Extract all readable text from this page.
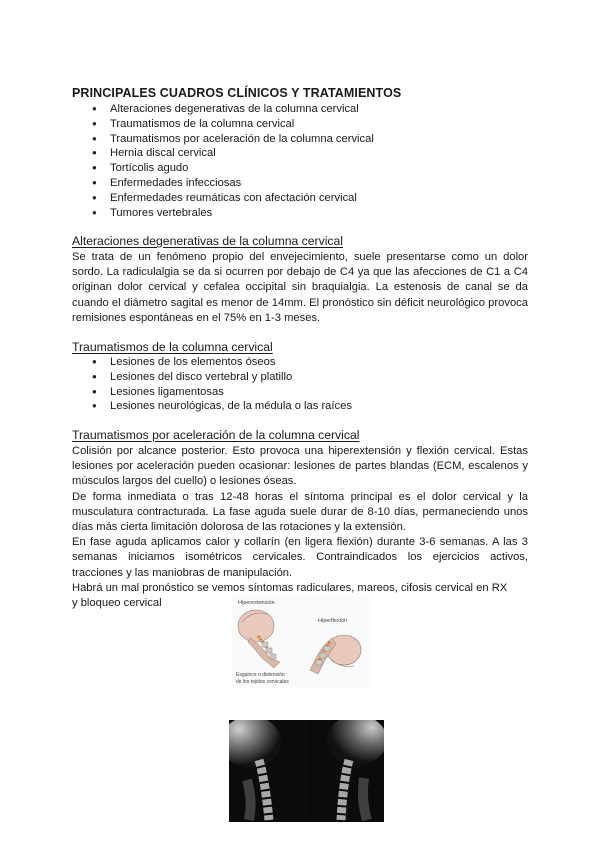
PRINCIPALES CUADROS CLÍNICOS Y TRATAMIENTOS
● Alteraciones degenerativas de la columna cervical
● Traumatismos de la columna cervical
● Traumatismos por aceleración de la columna cervical
● Hernia discal cervical
● Tortícolis agudo
● Enfermedades infecciosas
● Enfermedades reumáticas con afectación cervical
● Tumores vertebrales
Alteraciones degenerativas de la columna cervical

Se trata de un fenómeno propio del envejecimiento, suele presentarse como un dolor sordo. La radiculalgia se da si ocurren por debajo de C4 ya que las afecciones de C1 a C4 originan dolor cervical y cefalea occipital sin braquialgia. La estenosis de canal se da cuando el diámetro sagital es menor de 14mm. El pronóstico sin déficit neurológico provoca remisiones espontáneas en el 75% en 1-3 meses.

Traumatismos de la columna cervical
● Lesiones de los elementos óseos
● Lesiones del disco vertebral y platillo
● Lesiones ligamentosas
● Lesiones neurológicas, de la médula o las raíces
Traumatismos por aceleración de la columna cervical

Colisión por alcance posterior. Esto provoca una hiperextensión y flexión cervical. Estas lesiones por aceleración pueden ocasionar: lesiones de partes blandas (ECM, escalenos y músculos largos del cuello) o lesiones óseas.

De forma inmediata o tras 12-48 horas el síntoma principal es el dolor cervical y la musculatura contracturada. La fase aguda suele durar de 8-10 días, permaneciendo unos días más cierta limitación dolorosa de las rotaciones y la extensión.

En fase aguda aplicamos calor y collarín (en ligera flexión) durante 3-6 semanas. A las 3 semanas iniciamos isométricos cervicales. Contraindicados los ejercicios activos, tracciones y las maniobras de manipulación.

Habrá un mal pronóstico se vemos síntomas radiculares, mareos, cifosis cervical en RX y bloqueo cervical	Hiperextensión
Hiperflexión
Esguince o distensión
de los tejidos cervicales
